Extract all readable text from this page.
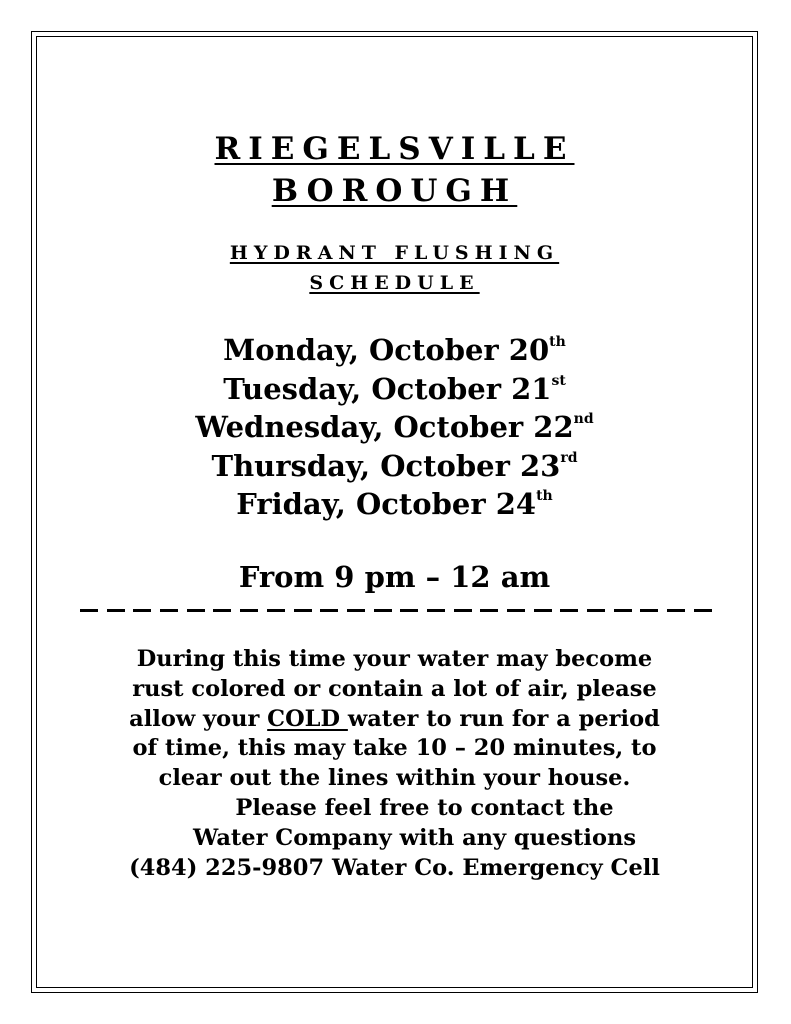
RIEGELSVILLE
BOROUGH
HYDRANT FLUSHING
SCHEDULE
Monday, October 20th
Tuesday, October 21st
Wednesday, October 22nd
Thursday, October 23rd
Friday, October 24th
From 9 pm – 12 am
During this time your water may become
rust colored or contain a lot of air, please
allow your COLD water to run for a period
of time, this may take 10 – 20 minutes, to
clear out the lines within your house.
Please feel free to contact the
Water Company with any questions
(484) 225-9807 Water Co. Emergency Cell
